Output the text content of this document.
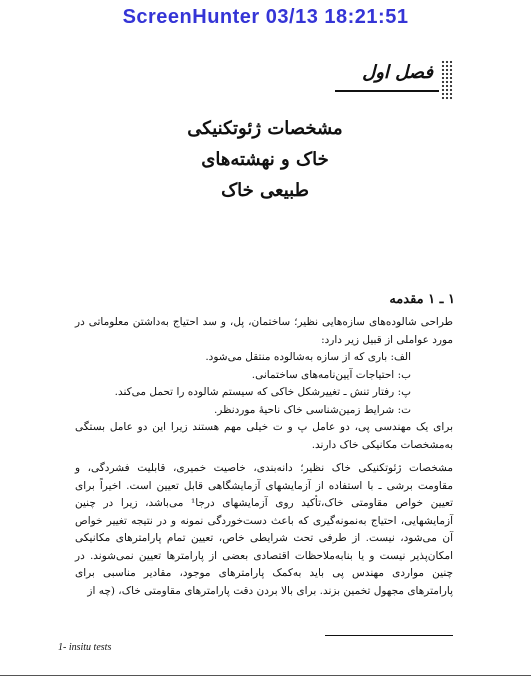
ScreenHunter 03/13 18:21:51
فصل اول
مشخصات ژئوتکنیکی
خاک و نهشته‌های
طبیعی خاک
۱ ـ ۱ مقدمه

طراحی شالوده‌های سازه‌هایی نظیر؛ ساختمان، پل، و سد احتیاج به‌داشتن معلوماتی در مورد عواملی از قبیل زیر دارد:

الف: باری که از سازه به‌شالوده منتقل می‌شود.

ب: احتیاجات آیین‌نامه‌های ساختمانی.

پ: رفتار تنش ـ تغییرشکل خاکی که سیستم شالوده را تحمل می‌کند.

ت: شرایط زمین‌شناسی خاک ناحیهٔ موردنظر.

برای یک مهندسی پی، دو عامل پ و ت خیلی مهم هستند زیرا این دو عامل بستگی به‌مشخصات مکانیکی خاک دارند.

مشخصات ژئوتکنیکی خاک نظیر؛ دانه‌بندی، خاصیت خمیری، قابلیت فشردگی، و مقاومت برشی ـ با استفاده از آزمایشهای آزمایشگاهی قابل تعیین است. اخیراً برای تعیین خواص مقاومتی خاک،تأکید روی آزمایشهای درجا¹ می‌باشد، زیرا در چنین آزمایشهایی، احتیاج به‌نمونه‌گیری که باعث دست‌خوردگی نمونه و در نتیجه تغییر خواص آن می‌شود، نیست. از طرفی تحت شرایطی خاص، تعیین تمام پارامترهای مکانیکی امکان‌پذیر نیست و یا بنابه‌ملاحظات اقتصادی بعضی از پارامترها تعیین نمی‌شوند. در چنین مواردی مهندس پی باید به‌کمک پارامترهای موجود، مقادیر مناسبی برای پارامترهای مجهول تخمین بزند. برای بالا بردن دقت پارامترهای مقاومتی خاک، (چه از

1- insitu tests
